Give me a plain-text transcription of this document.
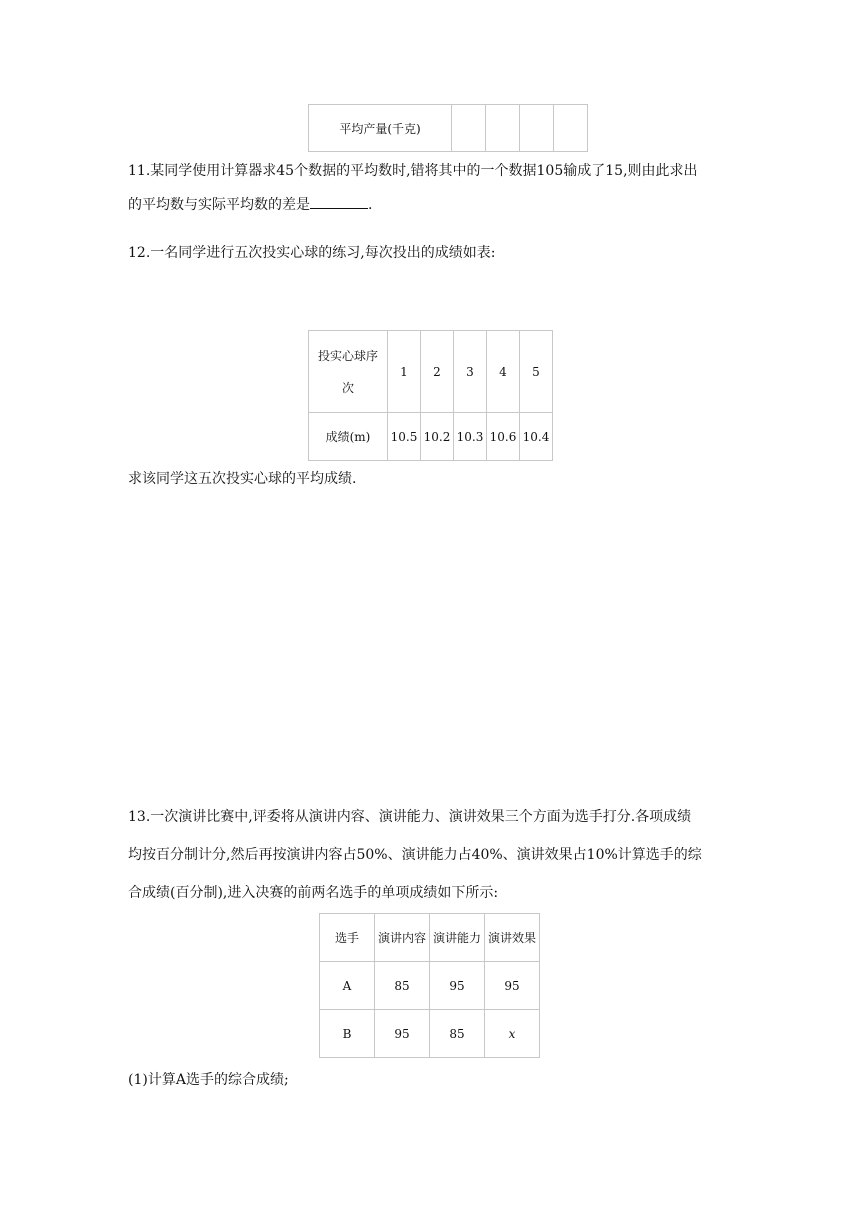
平均产量(千克)				
11.某同学使用计算器求45个数据的平均数时,错将其中的一个数据105输成了15,则由此求出
的平均数与实际平均数的差是	.
12.一名同学进行五次投实心球的练习,每次投出的成绩如表:
投实心球序
次	1	2	3	4	5
成绩(m)	10.5	10.2	10.3	10.6	10.4
求该同学这五次投实心球的平均成绩.
13.一次演讲比赛中,评委将从演讲内容、演讲能力、演讲效果三个方面为选手打分.各项成绩
均按百分制计分,然后再按演讲内容占50%、演讲能力占40%、演讲效果占10%计算选手的综
合成绩(百分制),进入决赛的前两名选手的单项成绩如下所示:
选手	演讲内容	演讲能力	演讲效果
A	85	95	95
B	95	85	x
(1)计算A选手的综合成绩;
